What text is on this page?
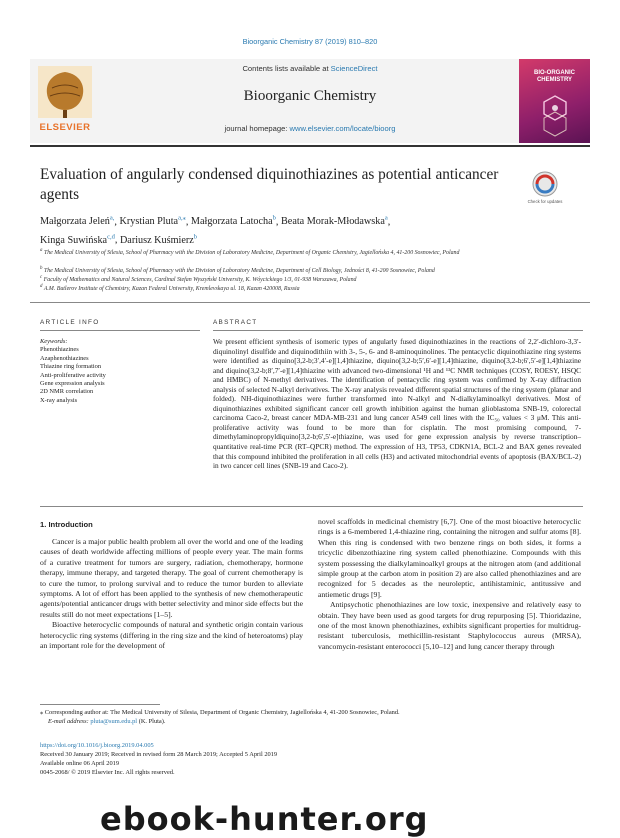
Bioorganic Chemistry 87 (2019) 810–820
ELSEVIER
Contents lists available at ScienceDirect
Bioorganic Chemistry
journal homepage: www.elsevier.com/locate/bioorg
BIO-ORGANIC CHEMISTRY
Evaluation of angularly condensed diquinothiazines as potential anticancer agents	Check for updates
Małgorzata Jeleń$^{a,}$, Krystian Pluta$^{a,⁎}$, Małgorzata Latocha$^b$, Beata Morak-Młodawska$^a$,
Kinga Suwińska$^{c,d}$, Dariusz Kuśmierz$^b$
$^a$ The Medical University of Silesia, School of Pharmacy with the Division of Laboratory Medicine, Department of Organic Chemistry, Jagiellońska 4, 41-200 Sosnowiec, Poland
$^b$ The Medical University of Silesia, School of Pharmacy with the Division of Laboratory Medicine, Department of Cell Biology, Jedności 8, 41-200 Sosnowiec, Poland
$^c$ Faculty of Mathematics and Natural Sciences, Cardinal Stefan Wyszyński University, K. Wóycickiego 1/3, 01-938 Warszawa, Poland
$^d$ A.M. Butlerov Institute of Chemistry, Kazan Federal University, Kremlevskaya ul. 18, Kazan 420008, Russia
ARTICLE INFO	ABSTRACT
Keywords:
Phenothiazines
Azaphenothiazines
Thiazine ring formation
Anti-proliferative activity
Gene expression analysis
2D NMR correlation
X-ray analysis
We present efficient synthesis of isomeric types of angularly fused diquinothiazines in the reactions of 2,2′-dichloro-3,3′-diquinolinyl disulfide and diquinodithiin with 3-, 5-, 6- and 8-aminoquinolines. The pentacyclic diquinothiazine ring systems were identified as diquino[3,2-b;3′,4′-e][1,4]thiazine, diquino[3,2-b;5′,6′-e][1,4]thiazine, diquino[3,2-b;6′,5′-e][1,4]thiazine and diquino[3,2-b;8′,7′-e][1,4]thiazine with advanced two-dimensional ¹H and ¹³C NMR techniques (COSY, ROESY, HSQC and HMBC) of N-methyl derivatives. The identification of pentacyclic ring system was confirmed by X-ray diffraction analysis of selected N-alkyl derivatives. The X-ray analysis revealed different spatial structures of the ring system (planar and folded). NH-diquinothiazines were further transformed into N-alkyl and N-dialkylaminoalkyl derivatives. Most of diquinothiazines exhibited significant cancer cell growth inhibition against the human glioblastoma SNB-19, colorectal carcinoma Caco-2, breast cancer MDA-MB-231 and lung cancer A549 cell lines with the IC₅₀ values < 3 μM. This anti-proliferative activity was found to be more than for cisplatin. The most promising compound, 7-dimethylaminopropyldiquino[3,2-b;6′,5′-e]thiazine, was used for gene expression analysis by reverse transcription–quantitative real-time PCR (RT–QPCR) method. The expression of H3, TP53, CDKN1A, BCL-2 and BAX genes revealed that this compound inhibited the proliferation in all cells (H3) and activated mitochondrial events of apoptosis (BAX/BCL-2) in two cancer cell lines (SNB-19 and Caco-2).
1. Introduction

Cancer is a major public health problem all over the world and one of the leading causes of death worldwide affecting millions of people every year. The main forms of a curative treatment for tumors are surgery, radiation, chemotherapy, hormone therapy, immune therapy, and targeted therapy. The goal of current chemotherapy is to cure the tumor, to prolong survival and to reduce the tumor burden to alleviate symptoms. A lot of effort has been applied to the synthesis of new chemotherapeutic agents/potential anticancer drugs with better selectivity and minor side effects but the results still do not meet expectations [1–5].

Bioactive heterocyclic compounds of natural and synthetic origin contain various heterocyclic ring systems (differing in the ring size and the kind of heteroatoms) play an important role for the development of

novel scaffolds in medicinal chemistry [6,7]. One of the most bioactive heterocyclic rings is a 6-membered 1,4-thiazine ring, containing the nitrogen and sulfur atoms [8]. When this ring is condensed with two benzene rings on both sides, it forms a tricyclic dibenzothiazine ring system called phenothiazine. Compounds with this system possessing the dialkylaminoalkyl groups at the nitrogen atom (and additional simple group at the carbon atom in position 2) are also called phenothiazines and are recognized for 5 decades as the neuroleptic, antihistaminic, antitussive and antiemetic drugs [9].

Antipsychotic phenothiazines are low toxic, inexpensive and relatively easy to obtain. They have been used as good targets for drug repurposing [5]. Thioridazine, one of the most known phenothiazines, exhibits significant properties for multidrug-resistant tuberculosis, methicillin-resistant Staphylococcus aureus (MRSA), vancomycin-resistant enterococci [5,10–12] and lung cancer therapy through

⁎ Corresponding author at: The Medical University of Silesia, Department of Organic Chemistry, Jagiellońska 4, 41-200 Sosnowiec, Poland.
E-mail address: pluta@sum.edu.pl (K. Pluta).
https://doi.org/10.1016/j.bioorg.2019.04.005
Received 30 January 2019; Received in revised form 28 March 2019; Accepted 5 April 2019
Available online 06 April 2019
0045-2068/ © 2019 Elsevier Inc. All rights reserved.
ebook-hunter.org
